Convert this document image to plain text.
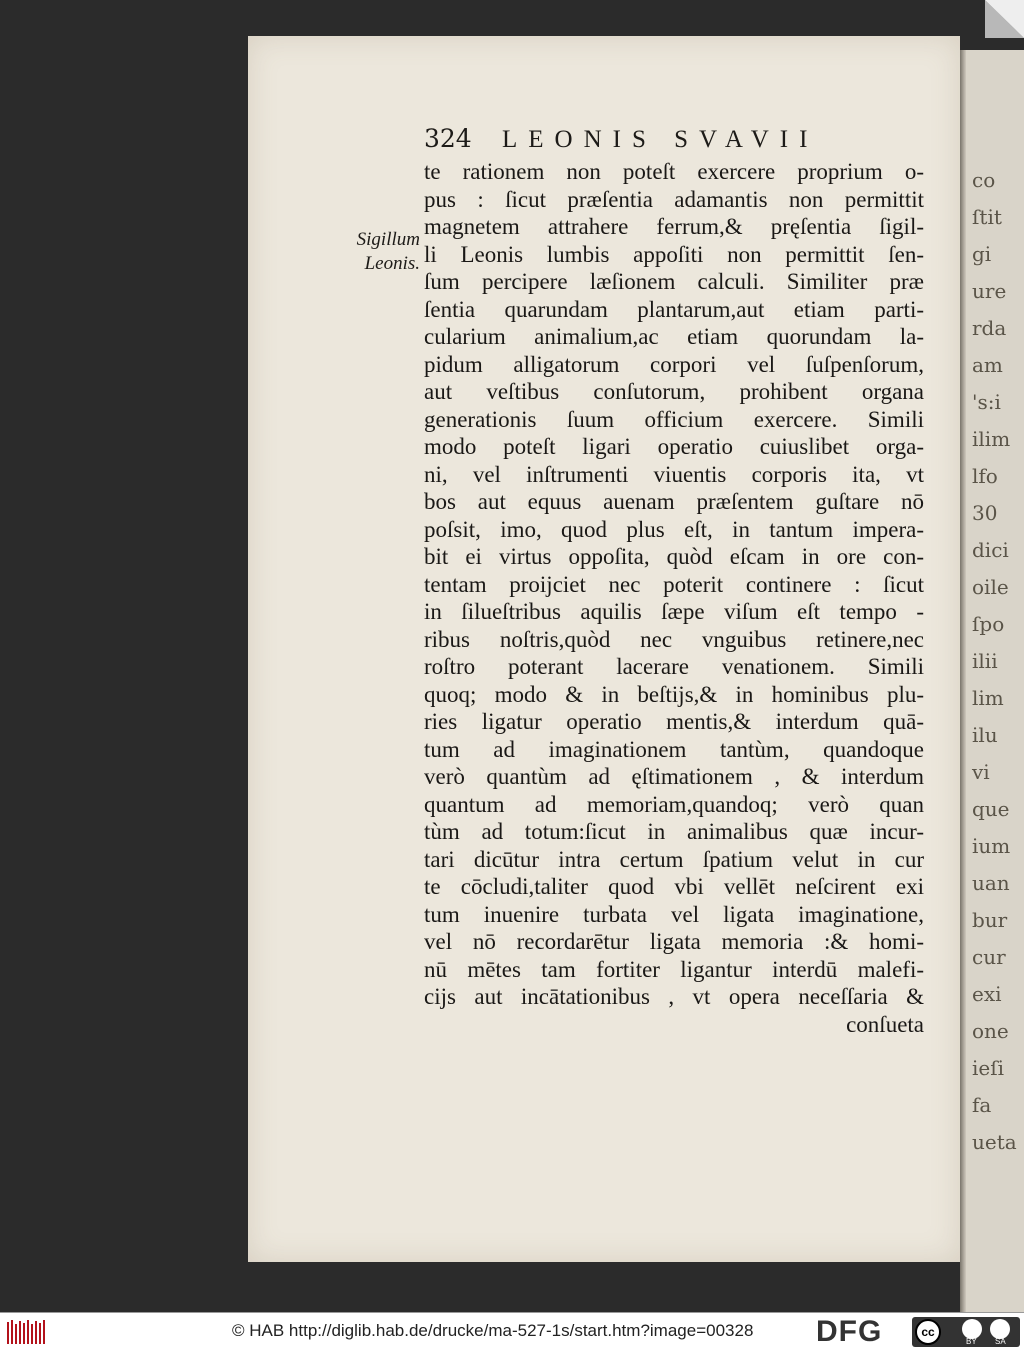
co
ſtit
gi
ure
rda
am
's:i
ilim
lfo
30
dici
oile
ſpo
ilii
lim
ilu
vi
que
ium
uan
bur
cur
exi
one
ieſi
fa
ueta
324 LEONIS SVAVII
Sigillum
Leonis.
te rationem non poteſt exercere proprium o-
pus : ſicut præſentia adamantis non permittit
magnetem attrahere ferrum,& pręſentia ſigil-
li Leonis lumbis appoſiti non permittit ſen-
ſum percipere læſionem calculi. Similiter præ
ſentia quarundam plantarum,aut etiam parti-
cularium animalium,ac etiam quorundam la-
pidum alligatorum corpori vel ſuſpenſorum,
aut veſtibus conſutorum, prohibent organa
generationis ſuum officium exercere. Simili
modo poteſt ligari operatio cuiuslibet orga-
ni, vel inſtrumenti viuentis corporis ita, vt
bos aut equus auenam præſentem guſtare nō
poſsit, imo, quod plus eſt, in tantum impera-
bit ei virtus oppoſita, quòd eſcam in ore con-
tentam proijciet nec poterit continere : ſicut
in ſilueſtribus aquilis ſæpe viſum eſt tempo -
ribus noſtris,quòd nec vnguibus retinere,nec
roſtro poterant lacerare venationem. Simili
quoq; modo & in beſtijs,& in hominibus plu-
ries ligatur operatio mentis,& interdum quā-
tum ad imaginationem tantùm, quandoque
verò quantùm ad ęſtimationem , & interdum
quantum ad memoriam,quandoq; verò quan
tùm ad totum:ſicut in animalibus quæ incur-
tari dicūtur intra certum ſpatium velut in cur
te cōcludi,taliter quod vbi vellēt neſcirent exi
tum inuenire turbata vel ligata imaginatione,
vel nō recordarētur ligata memoria :& homi-
nū mētes tam fortiter ligantur interdū malefi-
cijs aut incātationibus , vt opera neceſſaria &
conſueta
© HAB http://diglib.hab.de/drucke/ma-527-1s/start.htm?image=00328 DFG	cc
BY SA
